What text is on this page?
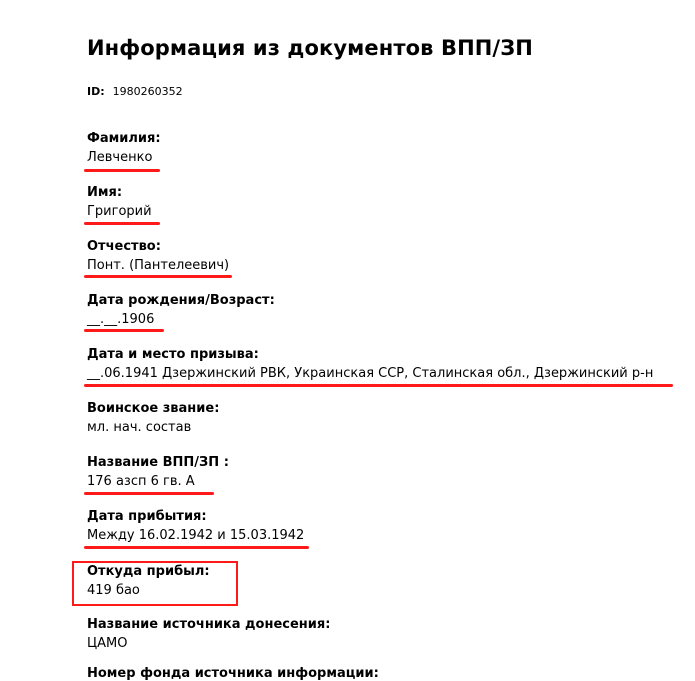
Информация из документов ВПП/ЗП
ID: 1980260352
Фамилия:
Левченко
Имя:
Григорий
Отчество:
Понт. (Пантелеевич)
Дата рождения/Возраст:
__.__.1906
Дата и место призыва:
__.06.1941 Дзержинский РВК, Украинская ССР, Сталинская обл., Дзержинский р-н
Воинское звание:
мл. нач. состав
Название ВПП/ЗП :
176 азсп 6 гв. А
Дата прибытия:
Между 16.02.1942 и 15.03.1942
Откуда прибыл:
419 бао
Название источника донесения:
ЦАМО
Номер фонда источника информации:
